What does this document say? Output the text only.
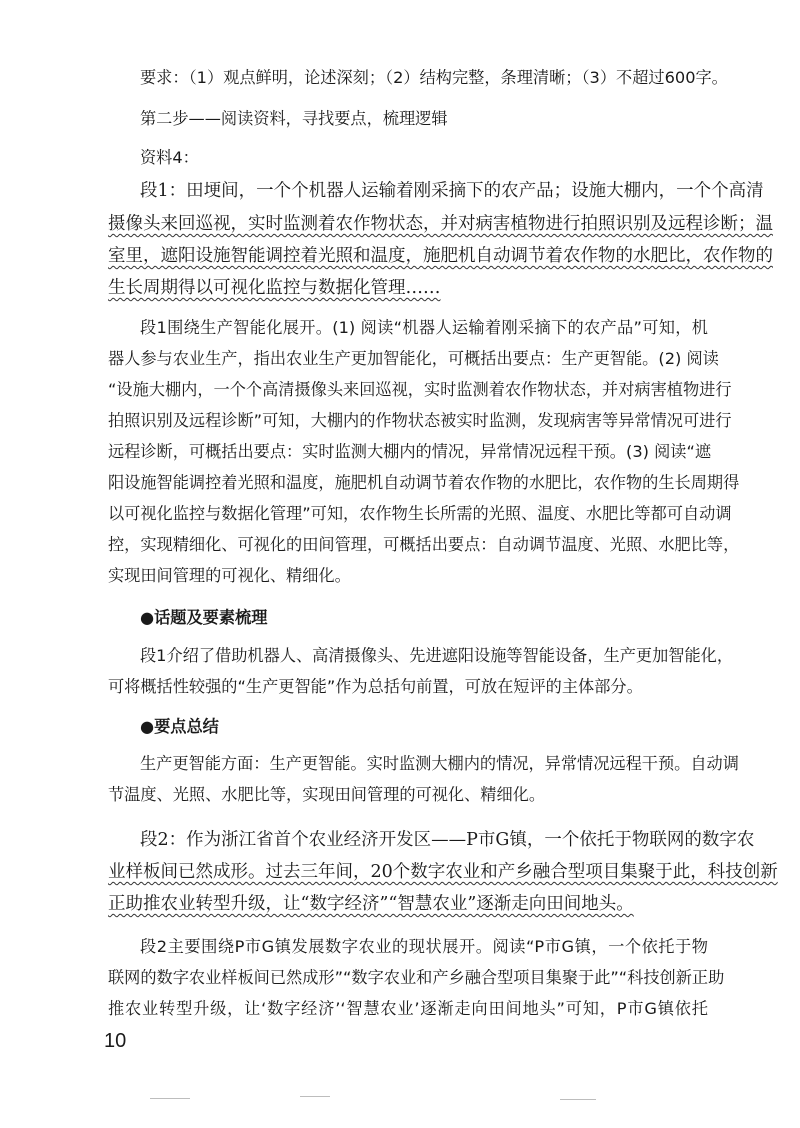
要求：（1）观点鲜明，论述深刻；（2）结构完整，条理清晰；（3）不超过600字。
第二步——阅读资料，寻找要点，梳理逻辑
资料4：
段1：田埂间，一个个机器人运输着刚采摘下的农产品；设施大棚内，一个个高清
摄像头来回巡视，实时监测着农作物状态，并对病害植物进行拍照识别及远程诊断；温
室里，遮阳设施智能调控着光照和温度，施肥机自动调节着农作物的水肥比，农作物的
生长周期得以可视化监控与数据化管理……
段1围绕生产智能化展开。(1) 阅读“机器人运输着刚采摘下的农产品”可知，机
器人参与农业生产，指出农业生产更加智能化，可概括出要点：生产更智能。(2) 阅读
“设施大棚内，一个个高清摄像头来回巡视，实时监测着农作物状态，并对病害植物进行
拍照识别及远程诊断”可知，大棚内的作物状态被实时监测，发现病害等异常情况可进行
远程诊断，可概括出要点：实时监测大棚内的情况，异常情况远程干预。(3) 阅读“遮
阳设施智能调控着光照和温度，施肥机自动调节着农作物的水肥比，农作物的生长周期得
以可视化监控与数据化管理”可知，农作物生长所需的光照、温度、水肥比等都可自动调
控，实现精细化、可视化的田间管理，可概括出要点：自动调节温度、光照、水肥比等，
实现田间管理的可视化、精细化。
●话题及要素梳理
段1介绍了借助机器人、高清摄像头、先进遮阳设施等智能设备，生产更加智能化，
可将概括性较强的“生产更智能”作为总括句前置，可放在短评的主体部分。
●要点总结
生产更智能方面：生产更智能。实时监测大棚内的情况，异常情况远程干预。自动调
节温度、光照、水肥比等，实现田间管理的可视化、精细化。
段2：作为浙江省首个农业经济开发区——P市G镇，一个依托于物联网的数字农
业样板间已然成形。过去三年间，20个数字农业和产乡融合型项目集聚于此，科技创新
正助推农业转型升级，让“数字经济”“智慧农业”逐渐走向田间地头。
段2主要围绕P市G镇发展数字农业的现状展开。阅读“P市G镇，一个依托于物
联网的数字农业样板间已然成形”“数字农业和产乡融合型项目集聚于此”“科技创新正助
推农业转型升级，让‘数字经济’‘智慧农业’逐渐走向田间地头”可知，P市G镇依托
10
